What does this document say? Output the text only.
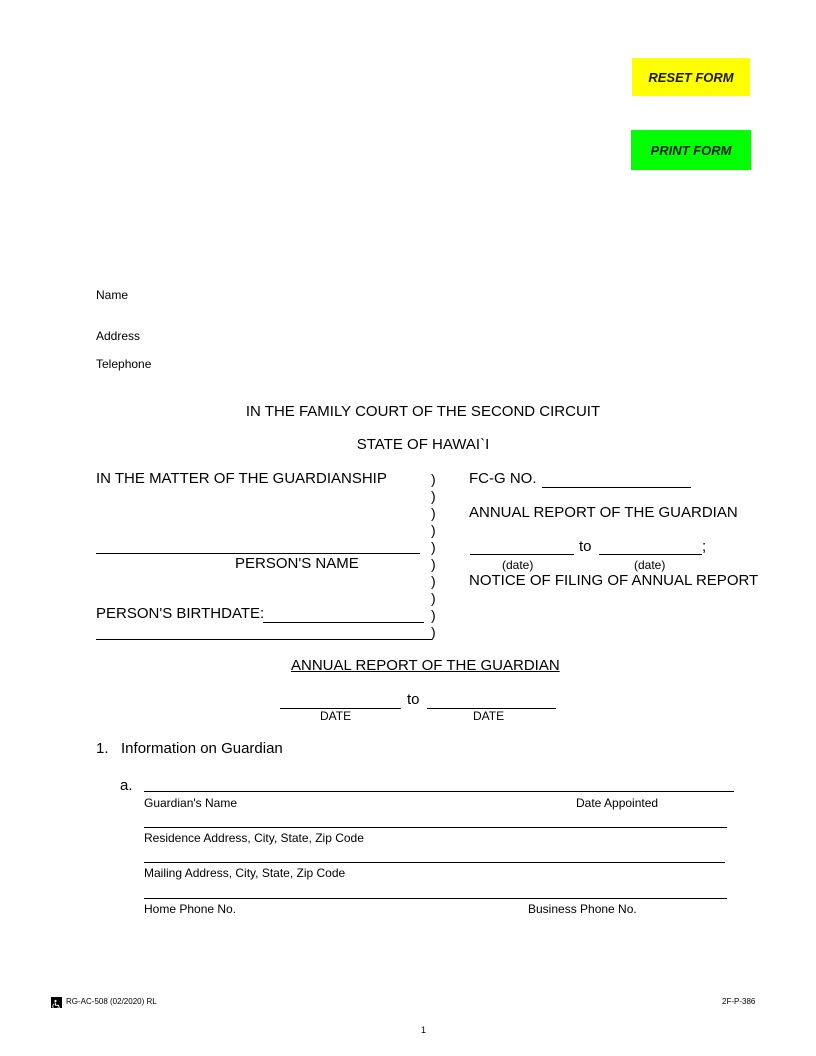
RESET FORM
PRINT FORM
Name
Address
Telephone
IN THE FAMILY COURT OF THE SECOND CIRCUIT
STATE OF HAWAI`I
IN THE MATTER OF THE GUARDIANSHIP
PERSON'S NAME
PERSON'S BIRTHDATE:
)
)
)
)
)
)
)
)
)
)
FC-G NO.
ANNUAL REPORT OF THE GUARDIAN
to	;
(date)	(date)
NOTICE OF FILING OF ANNUAL REPORT
ANNUAL REPORT OF THE GUARDIAN
to
DATE	DATE
1.   Information on Guardian
a.
Guardian's Name	Date Appointed
Residence Address, City, State, Zip Code
Mailing Address, City, State, Zip Code
Home Phone No.	Business Phone No.
RG-AC-508 (02/2020) RL	2F-P-386
1
